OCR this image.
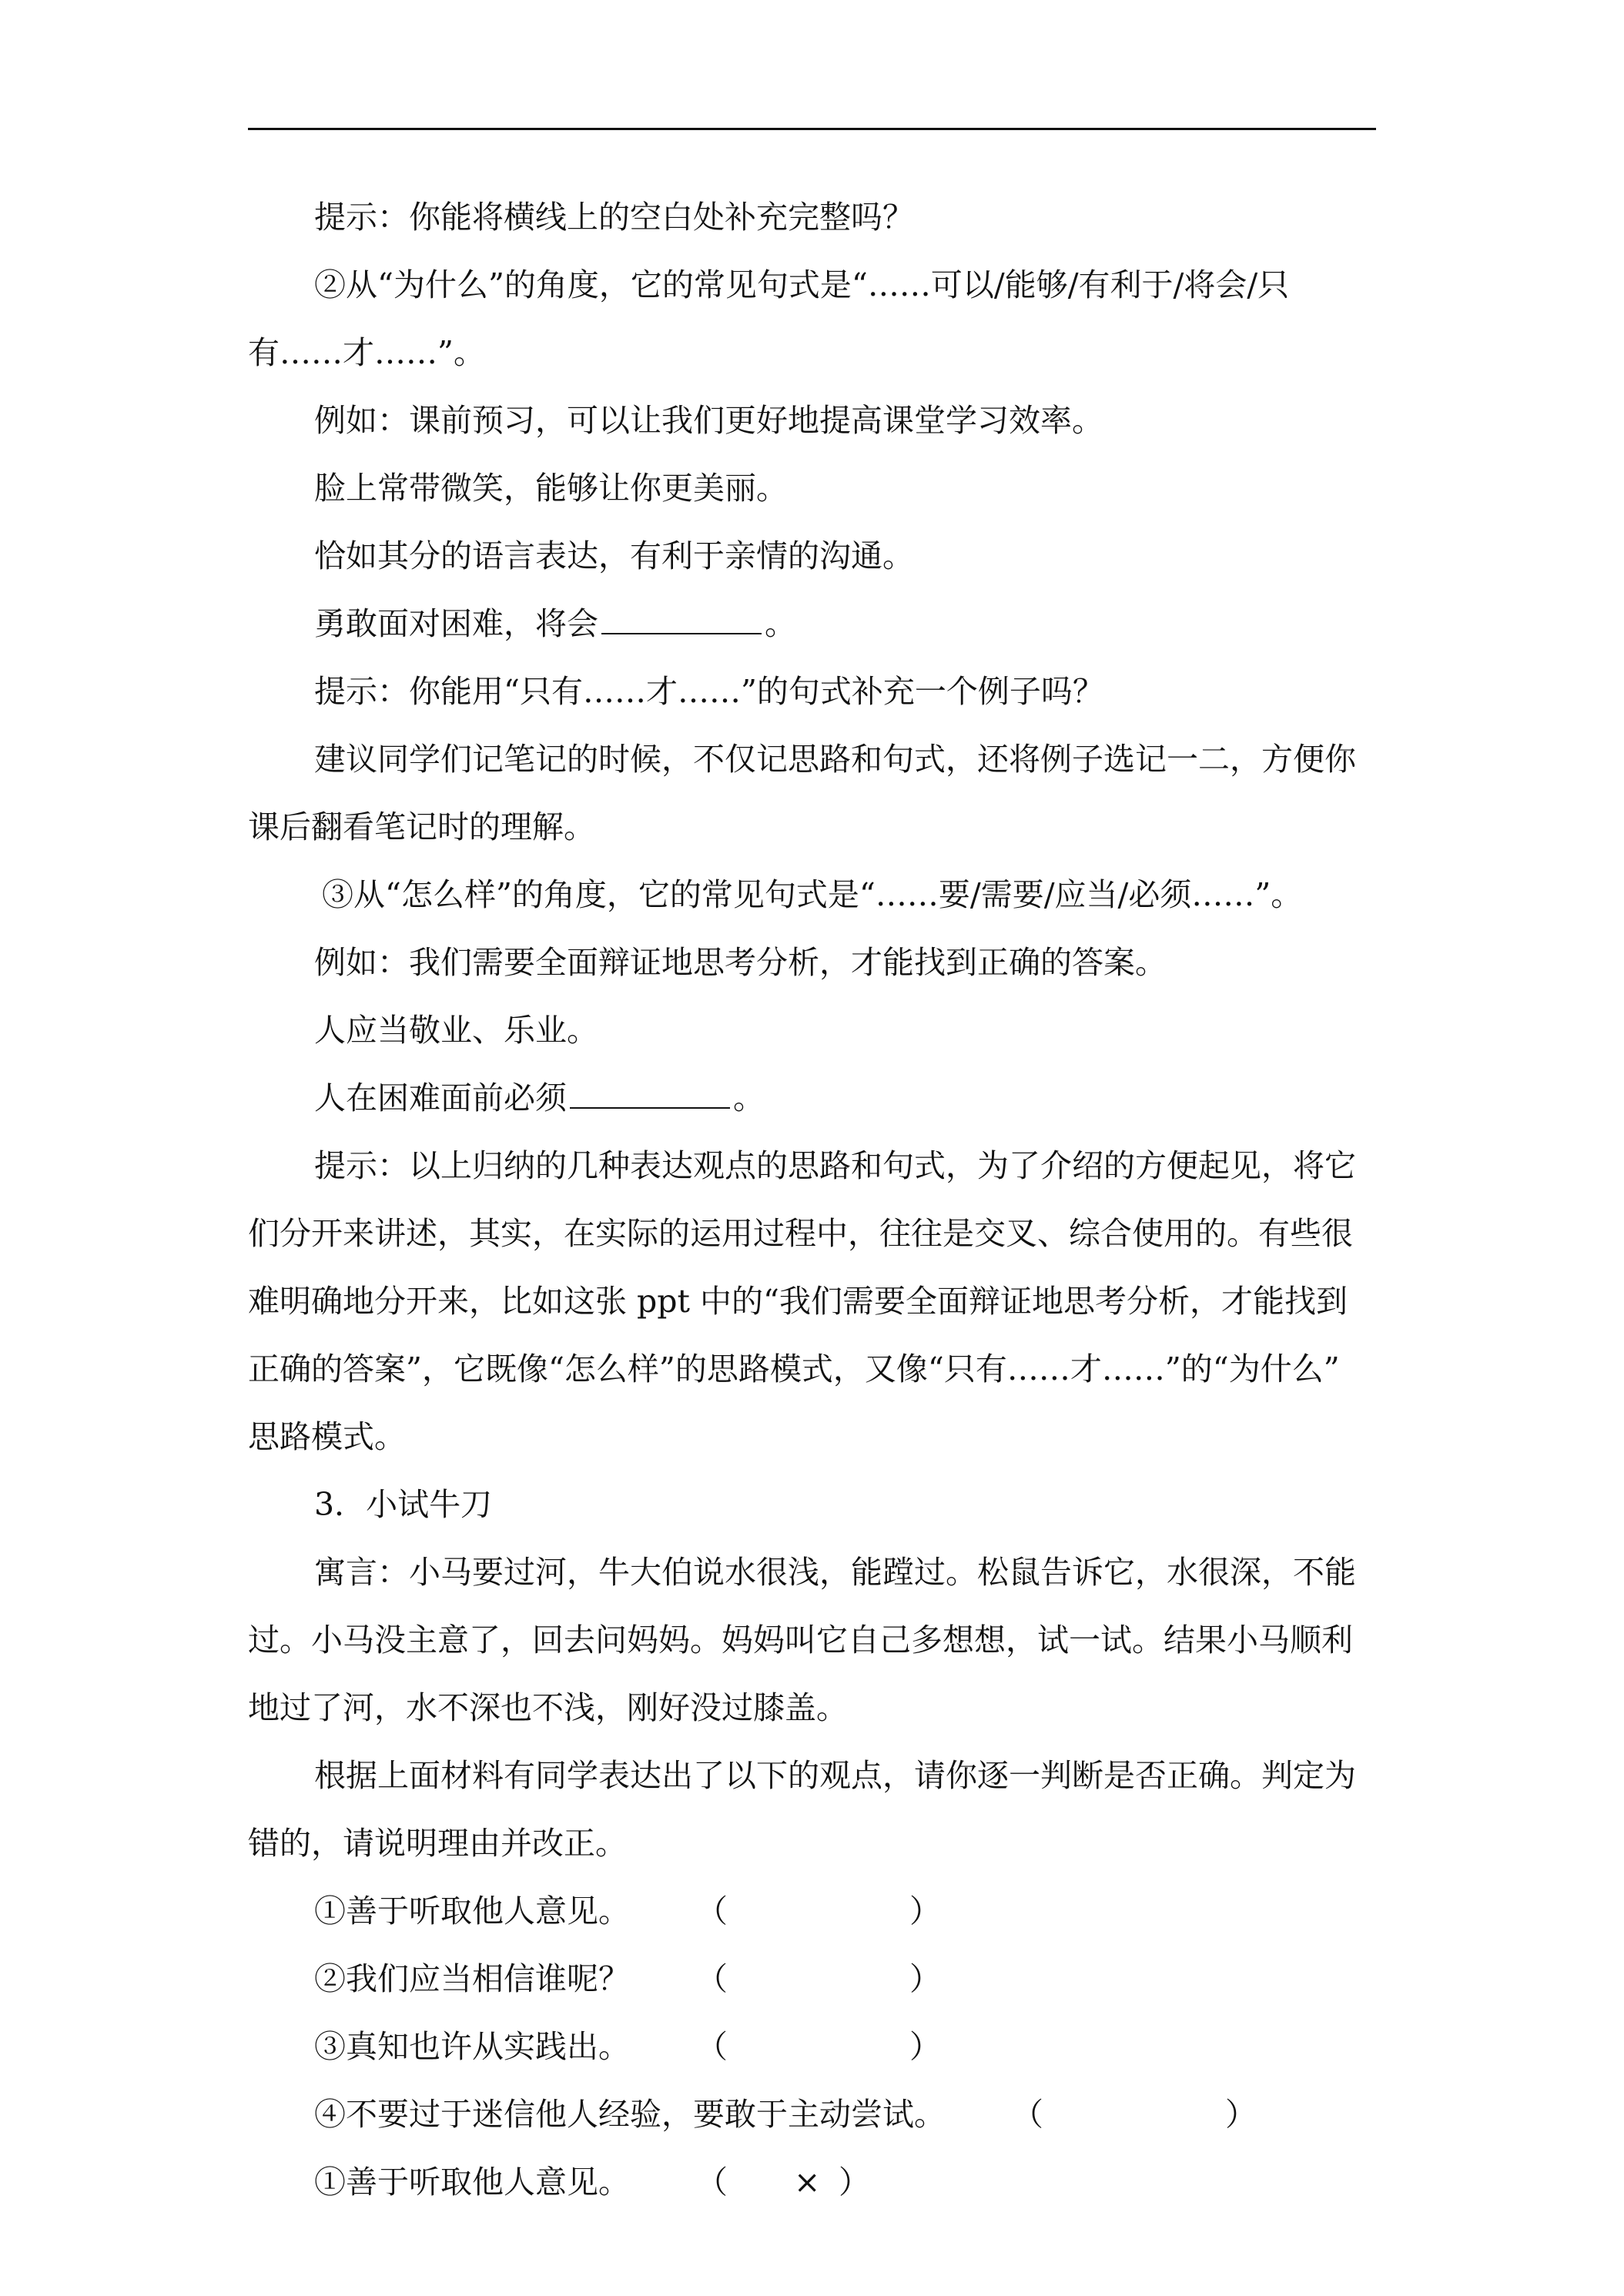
提示：你能将横线上的空白处补充完整吗？

②从“为什么”的角度，它的常见句式是“……可以/能够/有利于/将会/只

有……才……”。

例如：课前预习，可以让我们更好地提高课堂学习效率。

脸上常带微笑，能够让你更美丽。

恰如其分的语言表达，有利于亲情的沟通。

勇敢面对困难，将会	。

提示：你能用“只有……才……”的句式补充一个例子吗？

建议同学们记笔记的时候，不仅记思路和句式，还将例子选记一二，方便你

课后翻看笔记时的理解。

③从“怎么样”的角度，它的常见句式是“……要/需要/应当/必须……”。

例如：我们需要全面辩证地思考分析，才能找到正确的答案。

人应当敬业、乐业。

人在困难面前必须	。

提示：以上归纳的几种表达观点的思路和句式，为了介绍的方便起见，将它

们分开来讲述，其实，在实际的运用过程中，往往是交叉、综合使用的。有些很

难明确地分开来，比如这张 ppt 中的“我们需要全面辩证地思考分析，才能找到

正确的答案”，它既像“怎么样”的思路模式，又像“只有……才……”的“为什么”

思路模式。

3．小试牛刀

寓言：小马要过河，牛大伯说水很浅，能蹚过。松鼠告诉它，水很深，不能

过。小马没主意了，回去问妈妈。妈妈叫它自己多想想，试一试。结果小马顺利

地过了河，水不深也不浅，刚好没过膝盖。

根据上面材料有同学表达出了以下的观点，请你逐一判断是否正确。判定为

错的，请说明理由并改正。

①善于听取他人意见。 （	）

②我们应当相信谁呢？ （	）

③真知也许从实践出。 （	）

④不要过于迷信他人经验，要敢于主动尝试。 （	）

①善于听取他人意见。 （ × ）
